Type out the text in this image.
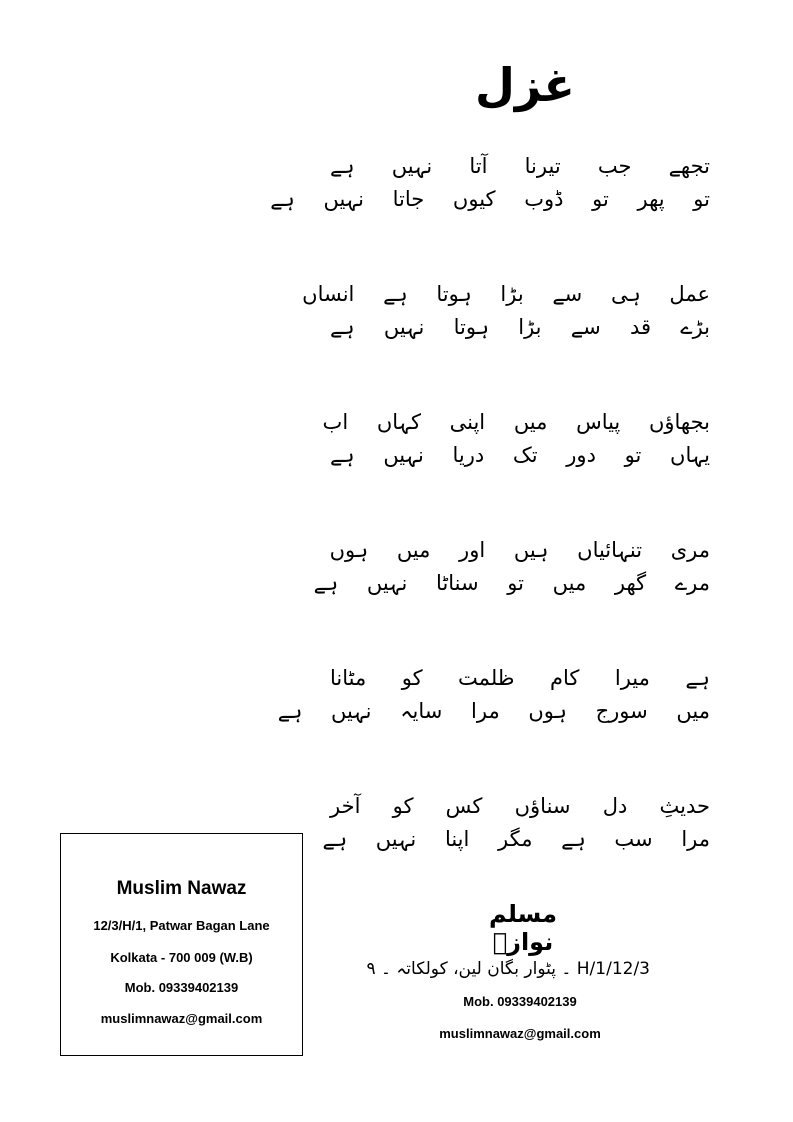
غزل
تجھے جب تیرنا آتا نہیں ہے
تو پھر تو ڈوب کیوں جاتا نہیں ہے
عمل ہی سے بڑا ہوتا ہے انساں
بڑے قد سے بڑا ہوتا نہیں ہے
بجھاؤں پیاس میں اپنی کہاں اب
یہاں تو دور تک دریا نہیں ہے
مری تنہائیاں ہیں اور میں ہوں
مرے گھر میں تو سناٹا نہیں ہے
ہے میرا کام ظلمت کو مٹانا
میں سورج ہوں مرا سایہ نہیں ہے
حدیثِ دل سناؤں کس کو آخر
مرا سب ہے مگر اپنا نہیں ہے
مسلم نوازؔ
12/3/H/1 ۔ پٹوار بگان لین، کولکاتہ ۔ ۹
Mob. 09339402139
muslimnawaz@gmail.com
Muslim Nawaz
12/3/H/1, Patwar Bagan Lane
Kolkata - 700 009 (W.B)
Mob. 09339402139
muslimnawaz@gmail.com
